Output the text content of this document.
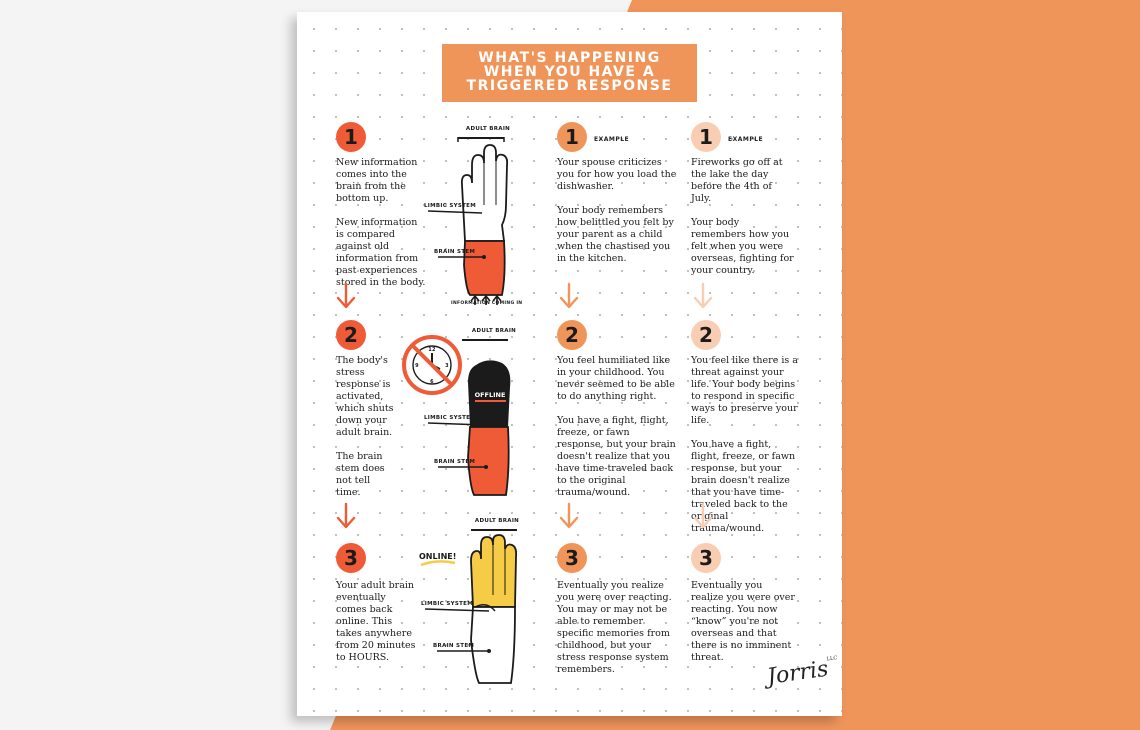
WHAT'S HAPPENING
WHEN YOU HAVE A
TRIGGERED RESPONSE
1

New information comes into the brain from the bottom up.

New information is compared against old information from past experiences stored in the body.

2

The body's stress response is activated, which shuts down your adult brain.

The brain stem does not tell time.

3

Your adult brain eventually comes back online. This takes anywhere from 20 minutes to HOURS.

ADULT BRAIN
LIMBIC SYSTEM
BRAIN STEM
INFORMATION COMING IN
12
3
6
9
ADULT BRAIN
OFFLINE
LIMBIC SYSTEM
BRAIN STEM
ONLINE!
ADULT BRAIN
LIMBIC SYSTEM
BRAIN STEM
1	EXAMPLE

Your spouse criticizes you for how you load the dishwasher.

Your body remembers how belittled you felt by your parent as a child when the chastised you in the kitchen.

2

You feel humiliated like in your childhood. You never seemed to be able to do anything right.

You have a fight, flight, freeze, or fawn response, but your brain doesn't realize that you have time-traveled back to the original trauma/wound.

3

Eventually you realize you were over reacting. You may or may not be able to remember specific memories from childhood, but your stress response system remembers.

1	EXAMPLE

Fireworks go off at the lake the day before the 4th of July.

Your body remembers how you felt when you were overseas, fighting for your country.

2

You feel like there is a threat against your life. Your body begins to respond in specific ways to preserve your life.

You have a fight, flight, freeze, or fawn response, but your brain doesn't realize that you have time-traveled back to the original trauma/wound.

3

Eventually you realize you were over reacting. You now “know” you're not overseas and that there is no imminent threat.	Jorris$^{LLC}$
